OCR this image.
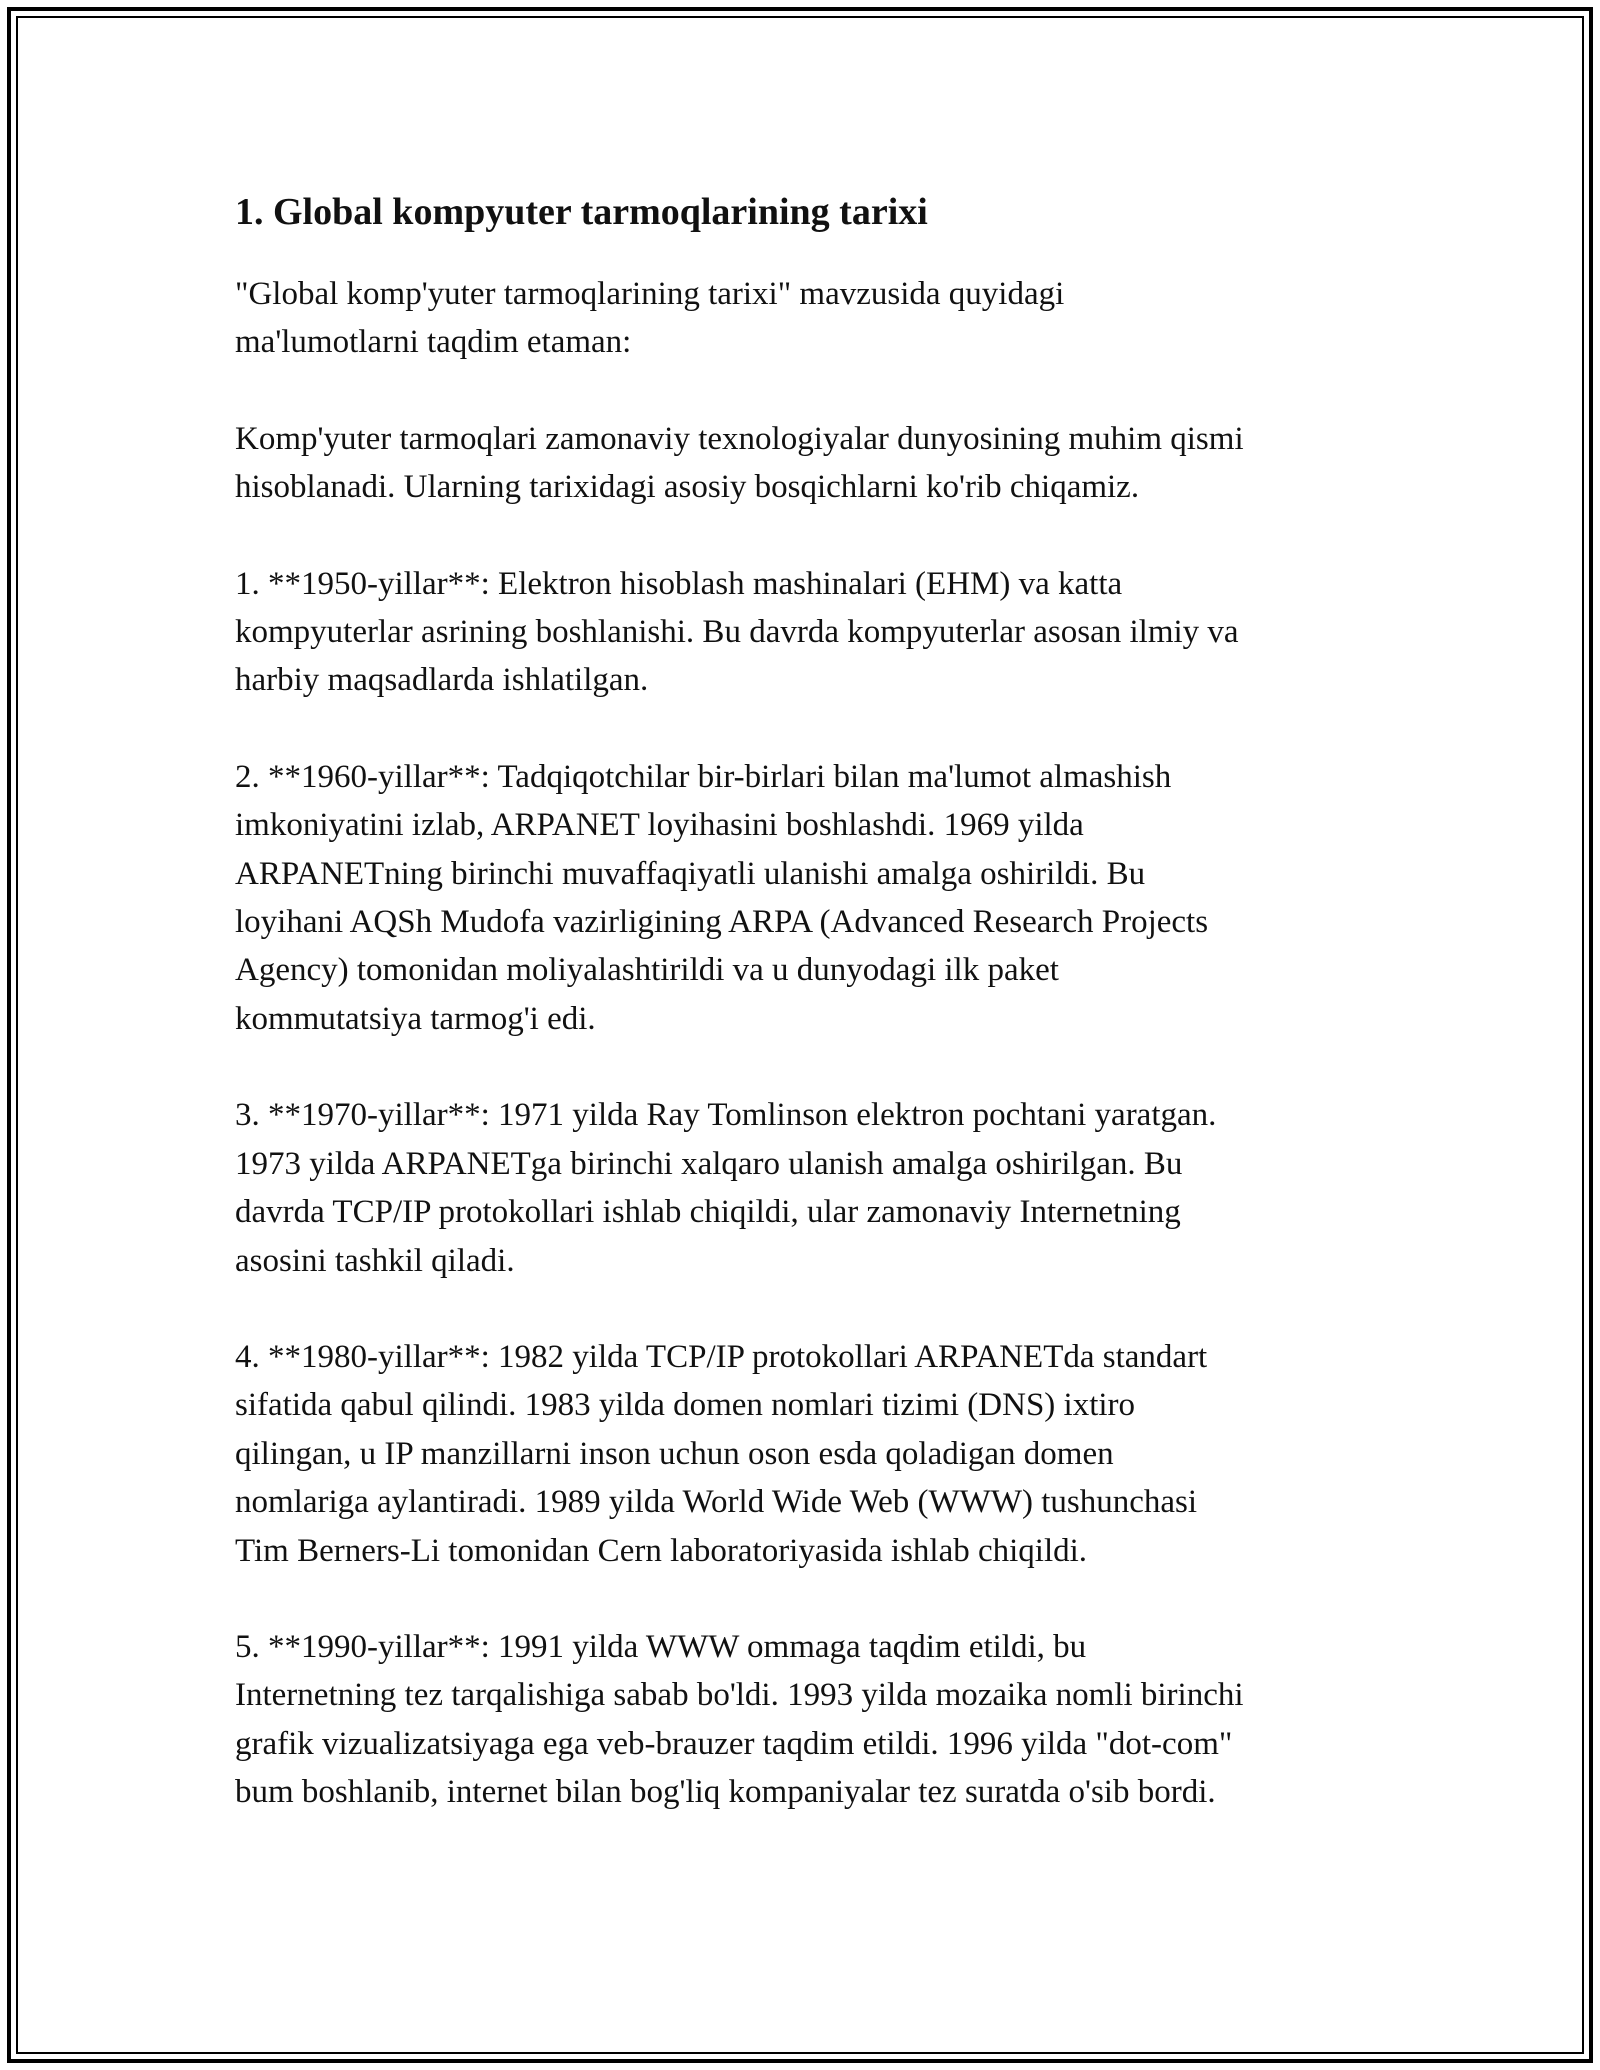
1. Global kompyuter tarmoqlarining tarixi

"Global komp'yuter tarmoqlarining tarixi" mavzusida quyidagi
ma'lumotlarni taqdim etaman:

Komp'yuter tarmoqlari zamonaviy texnologiyalar dunyosining muhim qismi
hisoblanadi. Ularning tarixidagi asosiy bosqichlarni ko'rib chiqamiz.

1. **1950-yillar**: Elektron hisoblash mashinalari (EHM) va katta
kompyuterlar asrining boshlanishi. Bu davrda kompyuterlar asosan ilmiy va
harbiy maqsadlarda ishlatilgan.

2. **1960-yillar**: Tadqiqotchilar bir-birlari bilan ma'lumot almashish
imkoniyatini izlab, ARPANET loyihasini boshlashdi. 1969 yilda
ARPANETning birinchi muvaffaqiyatli ulanishi amalga oshirildi. Bu
loyihani AQSh Mudofa vazirligining ARPA (Advanced Research Projects
Agency) tomonidan moliyalashtirildi va u dunyodagi ilk paket
kommutatsiya tarmog'i edi.

3. **1970-yillar**: 1971 yilda Ray Tomlinson elektron pochtani yaratgan.
1973 yilda ARPANETga birinchi xalqaro ulanish amalga oshirilgan. Bu
davrda TCP/IP protokollari ishlab chiqildi, ular zamonaviy Internetning
asosini tashkil qiladi.

4. **1980-yillar**: 1982 yilda TCP/IP protokollari ARPANETda standart
sifatida qabul qilindi. 1983 yilda domen nomlari tizimi (DNS) ixtiro
qilingan, u IP manzillarni inson uchun oson esda qoladigan domen
nomlariga aylantiradi. 1989 yilda World Wide Web (WWW) tushunchasi
Tim Berners-Li tomonidan Cern laboratoriyasida ishlab chiqildi.

5. **1990-yillar**: 1991 yilda WWW ommaga taqdim etildi, bu
Internetning tez tarqalishiga sabab bo'ldi. 1993 yilda mozaika nomli birinchi
grafik vizualizatsiyaga ega veb-brauzer taqdim etildi. 1996 yilda "dot-com"
bum boshlanib, internet bilan bog'liq kompaniyalar tez suratda o'sib bordi.
